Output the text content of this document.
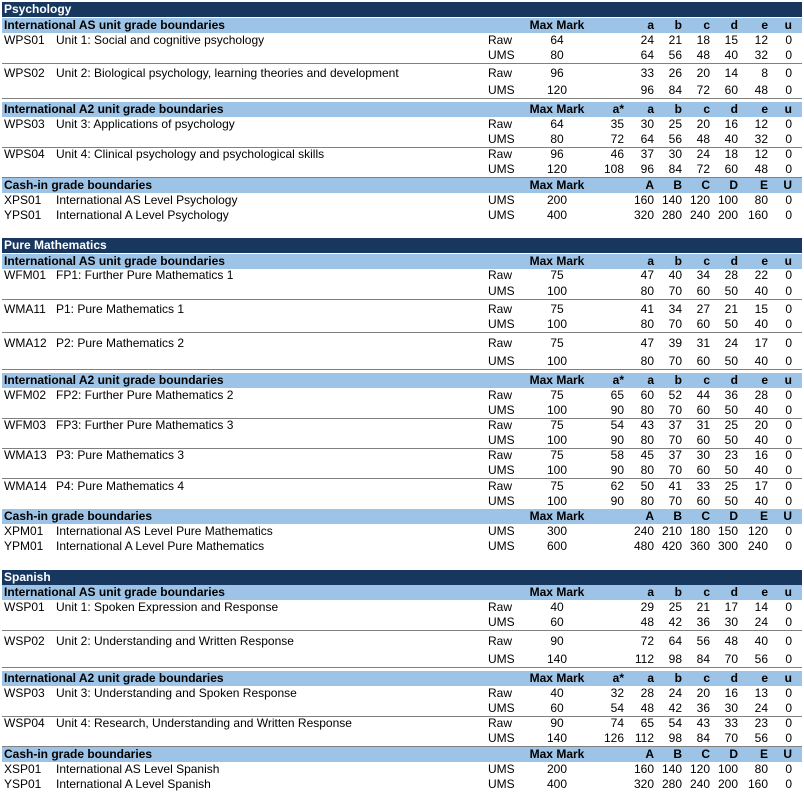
Psychology
International AS unit grade boundaries	Max Mark	a	b	c	d	e	u
WPS01 Unit 1: Social and cognitive psychology	Raw	64	24	21	18	15	12	0
UMS	80	64	56	48	40	32	0
WPS02 Unit 2: Biological psychology, learning theories and development	Raw	96	33	26	20	14	8	0
UMS	120	96	84	72	60	48	0
International A2 unit grade boundaries	Max Mark	a*	a	b	c	d	e	u
WPS03 Unit 3: Applications of psychology	Raw	64	35	30	25	20	16	12	0
UMS	80	72	64	56	48	40	32	0
WPS04 Unit 4: Clinical psychology and psychological skills	Raw	96	46	37	30	24	18	12	0
UMS	120	108	96	84	72	60	48	0
Cash-in grade boundaries	Max Mark	A	B	C	D	E	U
XPS01 International AS Level Psychology	UMS	200	160 140 120 100	80	0
YPS01 International A Level Psychology	UMS	400	320 280 240 200 160	0
Pure Mathematics
International AS unit grade boundaries	Max Mark	a	b	c	d	e	u
WFM01 FP1: Further Pure Mathematics 1	Raw	75	47	40	34	28	22	0
UMS	100	80	70	60	50	40	0
WMA11 P1: Pure Mathematics 1	Raw	75	41	34	27	21	15	0
UMS	100	80	70	60	50	40	0
WMA12 P2: Pure Mathematics 2	Raw	75	47	39	31	24	17	0
UMS	100	80	70	60	50	40	0
International A2 unit grade boundaries	Max Mark	a*	a	b	c	d	e	u
WFM02 FP2: Further Pure Mathematics 2	Raw	75	65	60	52	44	36	28	0
UMS	100	90	80	70	60	50	40	0
WFM03 FP3: Further Pure Mathematics 3	Raw	75	54	43	37	31	25	20	0
UMS	100	90	80	70	60	50	40	0
WMA13 P3: Pure Mathematics 3	Raw	75	58	45	37	30	23	16	0
UMS	100	90	80	70	60	50	40	0
WMA14 P4: Pure Mathematics 4	Raw	75	62	50	41	33	25	17	0
UMS	100	90	80	70	60	50	40	0
Cash-in grade boundaries	Max Mark	A	B	C	D	E	U
XPM01 International AS Level Pure Mathematics	UMS	300	240 210 180 150 120	0
YPM01 International A Level Pure Mathematics	UMS	600	480 420 360 300 240	0
Spanish
International AS unit grade boundaries	Max Mark	a	b	c	d	e	u
WSP01 Unit 1: Spoken Expression and Response	Raw	40	29	25	21	17	14	0
UMS	60	48	42	36	30	24	0
WSP02 Unit 2: Understanding and Written Response	Raw	90	72	64	56	48	40	0
UMS	140	112	98	84	70	56	0
International A2 unit grade boundaries	Max Mark	a*	a	b	c	d	e	u
WSP03 Unit 3: Understanding and Spoken Response	Raw	40	32	28	24	20	16	13	0
UMS	60	54	48	42	36	30	24	0
WSP04 Unit 4: Research, Understanding and Written Response	Raw	90	74	65	54	43	33	23	0
UMS	140	126 112	98	84	70	56	0
Cash-in grade boundaries	Max Mark	A	B	C	D	E	U
XSP01 International AS Level Spanish	UMS	200	160 140 120 100	80	0
YSP01 International A Level Spanish	UMS	400	320 280 240 200 160	0
